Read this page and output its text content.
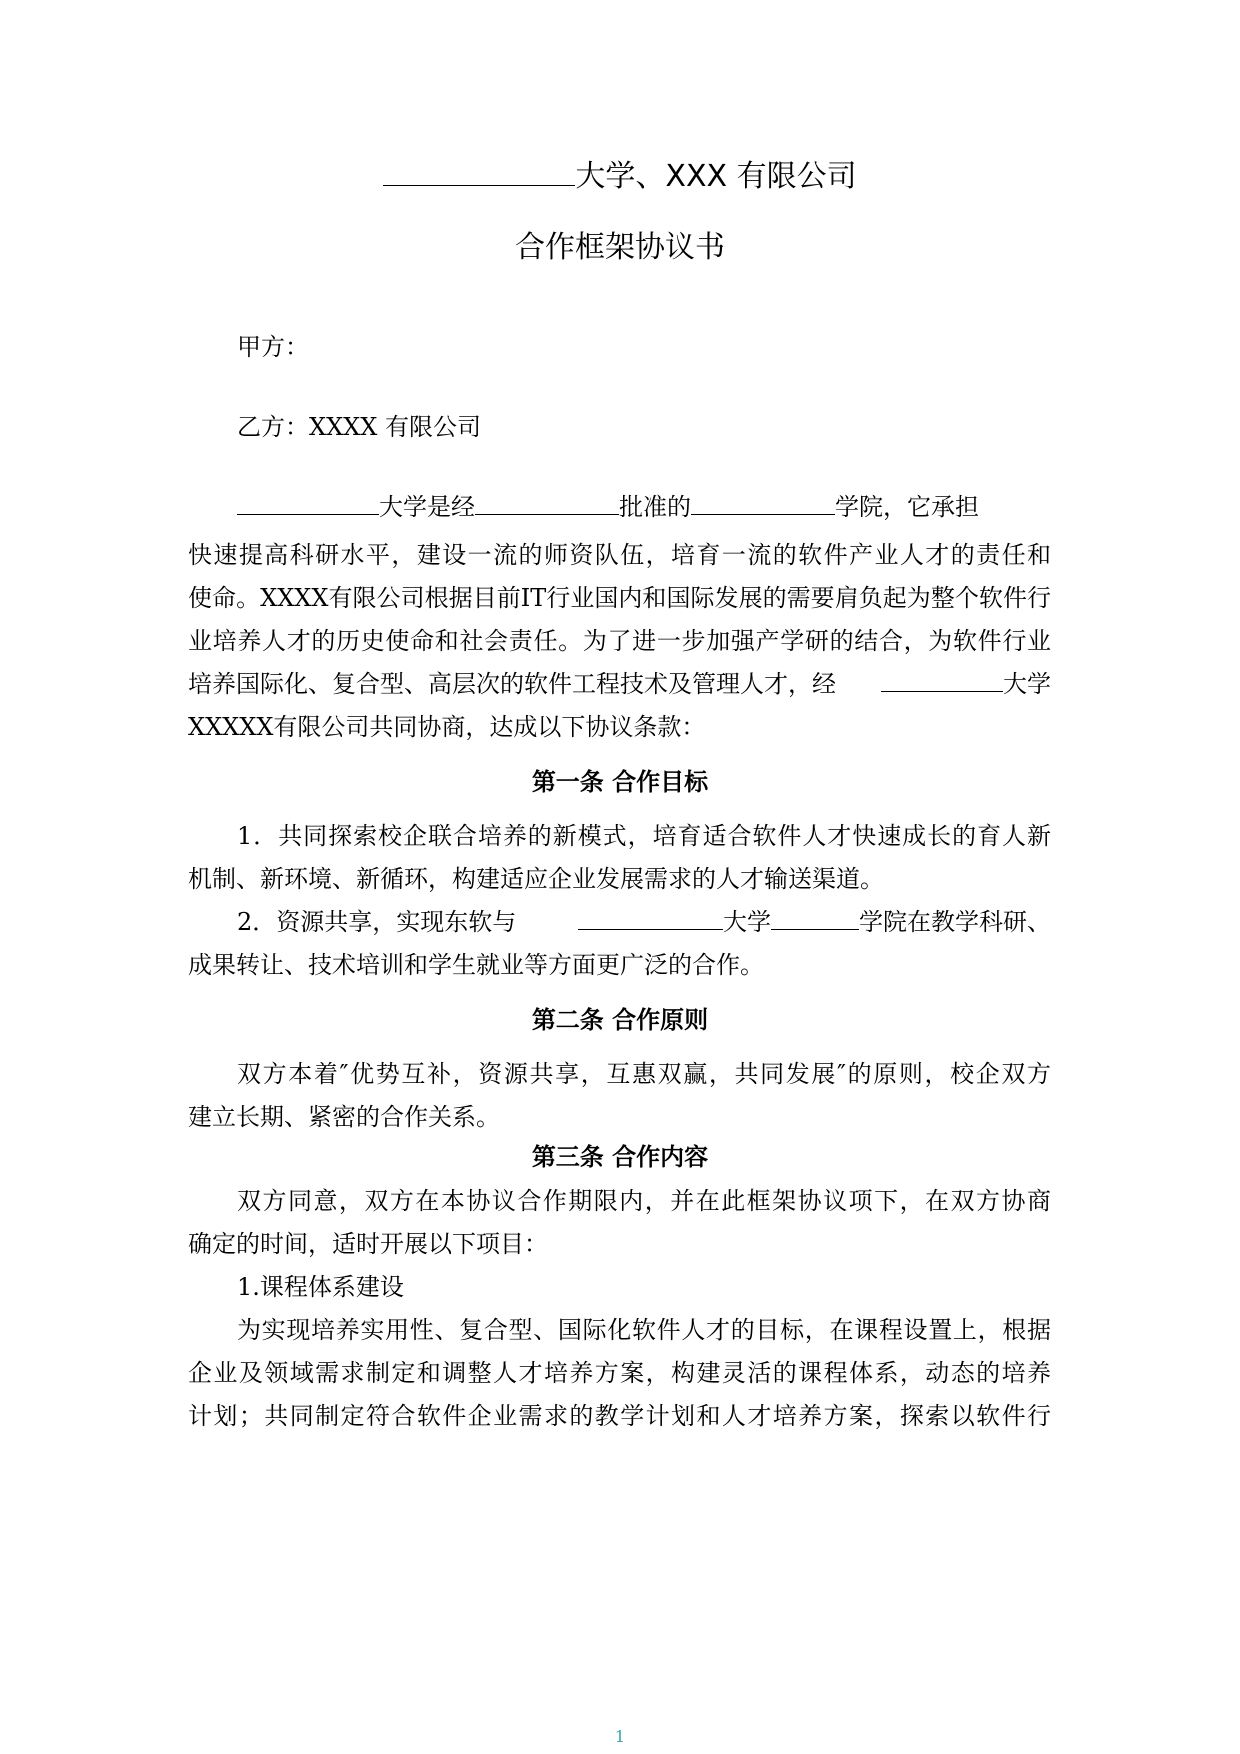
大学、XXX 有限公司
合作框架协议书
甲方：
乙方：XXXX 有限公司
大学是经	批准的	学院，它承担
快速提高科研水平，建设一流的师资队伍，培育一流的软件产业人才的责任和
使命。XXXX有限公司根据目前IT行业国内和国际发展的需要肩负起为整个软件行
业培养人才的历史使命和社会责任。为了进一步加强产学研的结合，为软件行业
培养国际化、复合型、高层次的软件工程技术及管理人才，经	大学
XXXXX有限公司共同协商，达成以下协议条款：
第一条 合作目标
1．共同探索校企联合培养的新模式，培育适合软件人才快速成长的育人新
机制、新环境、新循环，构建适应企业发展需求的人才输送渠道。
2．资源共享，实现东软与	大学	学院在教学科研、
成果转让、技术培训和学生就业等方面更广泛的合作。
第二条 合作原则
双方本着″优势互补，资源共享，互惠双赢，共同发展″的原则，校企双方
建立长期、紧密的合作关系。
第三条 合作内容
双方同意，双方在本协议合作期限内，并在此框架协议项下，在双方协商
确定的时间，适时开展以下项目：
1.课程体系建设
为实现培养实用性、复合型、国际化软件人才的目标，在课程设置上，根据
企业及领域需求制定和调整人才培养方案，构建灵活的课程体系，动态的培养
计划；共同制定符合软件企业需求的教学计划和人才培养方案，探索以软件行
1
